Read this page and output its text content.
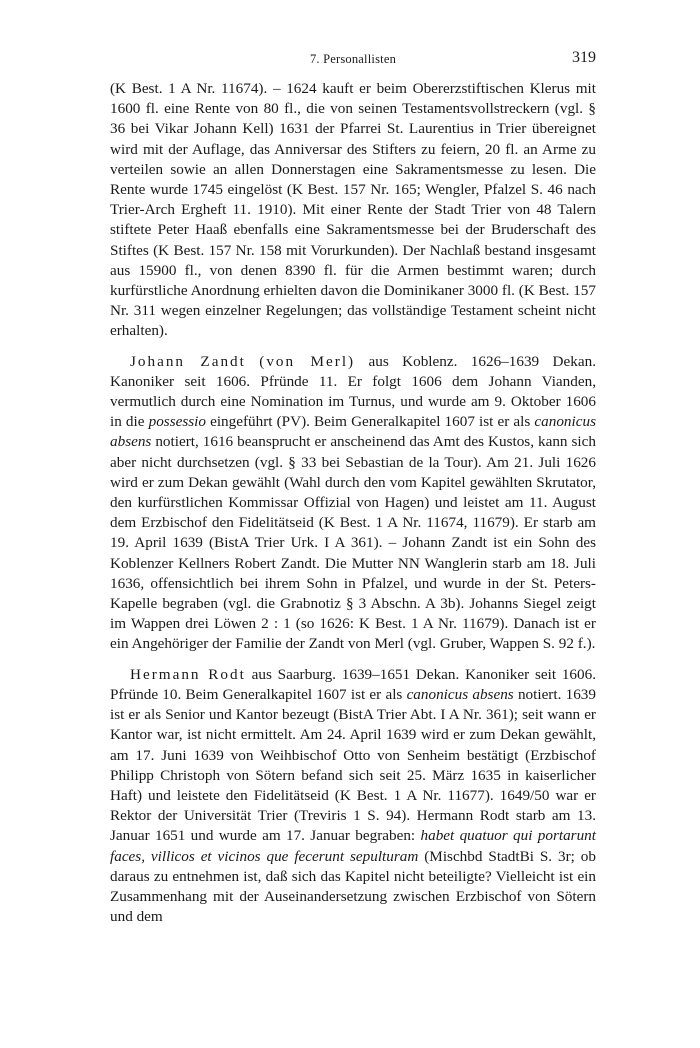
7. Personallisten	319

(K Best. 1 A Nr. 11674). – 1624 kauft er beim Obererzstiftischen Klerus mit 1600 fl. eine Rente von 80 fl., die von seinen Testamentsvollstreckern (vgl. § 36 bei Vikar Johann Kell) 1631 der Pfarrei St. Laurentius in Trier übereignet wird mit der Auflage, das Anniversar des Stifters zu feiern, 20 fl. an Arme zu verteilen sowie an allen Donnerstagen eine Sakramentsmesse zu lesen. Die Rente wurde 1745 eingelöst (K Best. 157 Nr. 165; Wengler, Pfalzel S. 46 nach Trier-Arch Ergheft 11. 1910). Mit einer Rente der Stadt Trier von 48 Talern stiftete Peter Haaß ebenfalls eine Sakramentsmesse bei der Bruderschaft des Stiftes (K Best. 157 Nr. 158 mit Vorurkunden). Der Nachlaß bestand insgesamt aus 15900 fl., von denen 8390 fl. für die Armen bestimmt waren; durch kurfürstliche Anordnung erhielten davon die Dominikaner 3000 fl. (K Best. 157 Nr. 311 wegen einzelner Regelungen; das vollständige Testament scheint nicht erhalten).

Johann Zandt (von Merl) aus Koblenz. 1626–1639 Dekan. Kanoniker seit 1606. Pfründe 11. Er folgt 1606 dem Johann Vianden, vermutlich durch eine Nomination im Turnus, und wurde am 9. Oktober 1606 in die possessio eingeführt (PV). Beim Generalkapitel 1607 ist er als canonicus absens notiert, 1616 beansprucht er anscheinend das Amt des Kustos, kann sich aber nicht durchsetzen (vgl. § 33 bei Sebastian de la Tour). Am 21. Juli 1626 wird er zum Dekan gewählt (Wahl durch den vom Kapitel gewählten Skrutator, den kurfürstlichen Kommissar Offizial von Hagen) und leistet am 11. August dem Erzbischof den Fidelitätseid (K Best. 1 A Nr. 11674, 11679). Er starb am 19. April 1639 (BistA Trier Urk. I A 361). – Johann Zandt ist ein Sohn des Koblenzer Kellners Robert Zandt. Die Mutter NN Wanglerin starb am 18. Juli 1636, offensichtlich bei ihrem Sohn in Pfalzel, und wurde in der St. Peters-Kapelle begraben (vgl. die Grabnotiz § 3 Abschn. A 3b). Johanns Siegel zeigt im Wappen drei Löwen 2 : 1 (so 1626: K Best. 1 A Nr. 11679). Danach ist er ein Angehöriger der Familie der Zandt von Merl (vgl. Gruber, Wappen S. 92 f.).

Hermann Rodt aus Saarburg. 1639–1651 Dekan. Kanoniker seit 1606. Pfründe 10. Beim Generalkapitel 1607 ist er als canonicus absens notiert. 1639 ist er als Senior und Kantor bezeugt (BistA Trier Abt. I A Nr. 361); seit wann er Kantor war, ist nicht ermittelt. Am 24. April 1639 wird er zum Dekan gewählt, am 17. Juni 1639 von Weihbischof Otto von Senheim bestätigt (Erzbischof Philipp Christoph von Sötern befand sich seit 25. März 1635 in kaiserlicher Haft) und leistete den Fidelitätseid (K Best. 1 A Nr. 11677). 1649/50 war er Rektor der Universität Trier (Treviris 1 S. 94). Hermann Rodt starb am 13. Januar 1651 und wurde am 17. Januar begraben: habet quatuor qui portarunt faces, villicos et vicinos que fecerunt sepulturam (Mischbd StadtBi S. 3r; ob daraus zu entnehmen ist, daß sich das Kapitel nicht beteiligte? Vielleicht ist ein Zusammenhang mit der Auseinandersetzung zwischen Erzbischof von Sötern und dem
